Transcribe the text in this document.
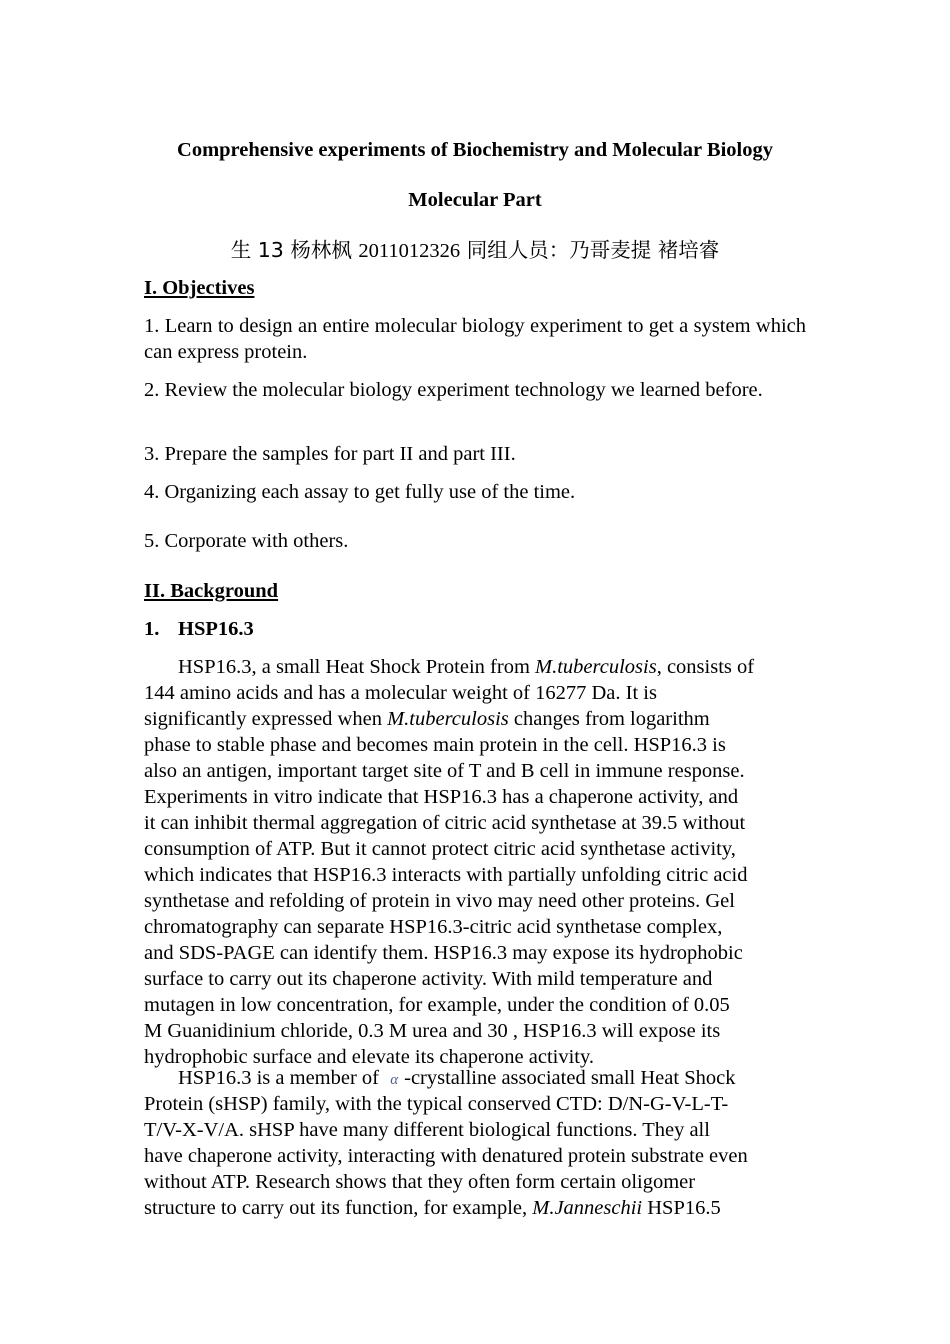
Comprehensive experiments of Biochemistry and Molecular Biology
Molecular Part

生 13 杨林枫 2011012326 同组人员：乃哥麦提 褚培睿

I. Objectives

1. Learn to design an entire molecular biology experiment to get a system which can express protein.

2. Review the molecular biology experiment technology we learned before.

3. Prepare the samples for part II and part III.

4. Organizing each assay to get fully use of the time.

5. Corporate with others.

II. Background
1. HSP16.3

HSP16.3, a small Heat Shock Protein from M.tuberculosis, consists of

144 amino acids and has a molecular weight of 16277 Da. It is

significantly expressed when M.tuberculosis changes from logarithm

phase to stable phase and becomes main protein in the cell. HSP16.3 is

also an antigen, important target site of T and B cell in immune response.

Experiments in vitro indicate that HSP16.3 has a chaperone activity, and

it can inhibit thermal aggregation of citric acid synthetase at 39.5 without

consumption of ATP. But it cannot protect citric acid synthetase activity,

which indicates that HSP16.3 interacts with partially unfolding citric acid

synthetase and refolding of protein in vivo may need other proteins. Gel

chromatography can separate HSP16.3-citric acid synthetase complex,

and SDS-PAGE can identify them. HSP16.3 may expose its hydrophobic

surface to carry out its chaperone activity. With mild temperature and

mutagen in low concentration, for example, under the condition of 0.05

M Guanidinium chloride, 0.3 M urea and 30 , HSP16.3 will expose its

hydrophobic surface and elevate its chaperone activity.

HSP16.3 is a member of α -crystalline associated small Heat Shock

Protein (sHSP) family, with the typical conserved CTD: D/N-G-V-L-T-

T/V-X-V/A. sHSP have many different biological functions. They all

have chaperone activity, interacting with denatured protein substrate even

without ATP. Research shows that they often form certain oligomer

structure to carry out its function, for example, M.Janneschii HSP16.5
